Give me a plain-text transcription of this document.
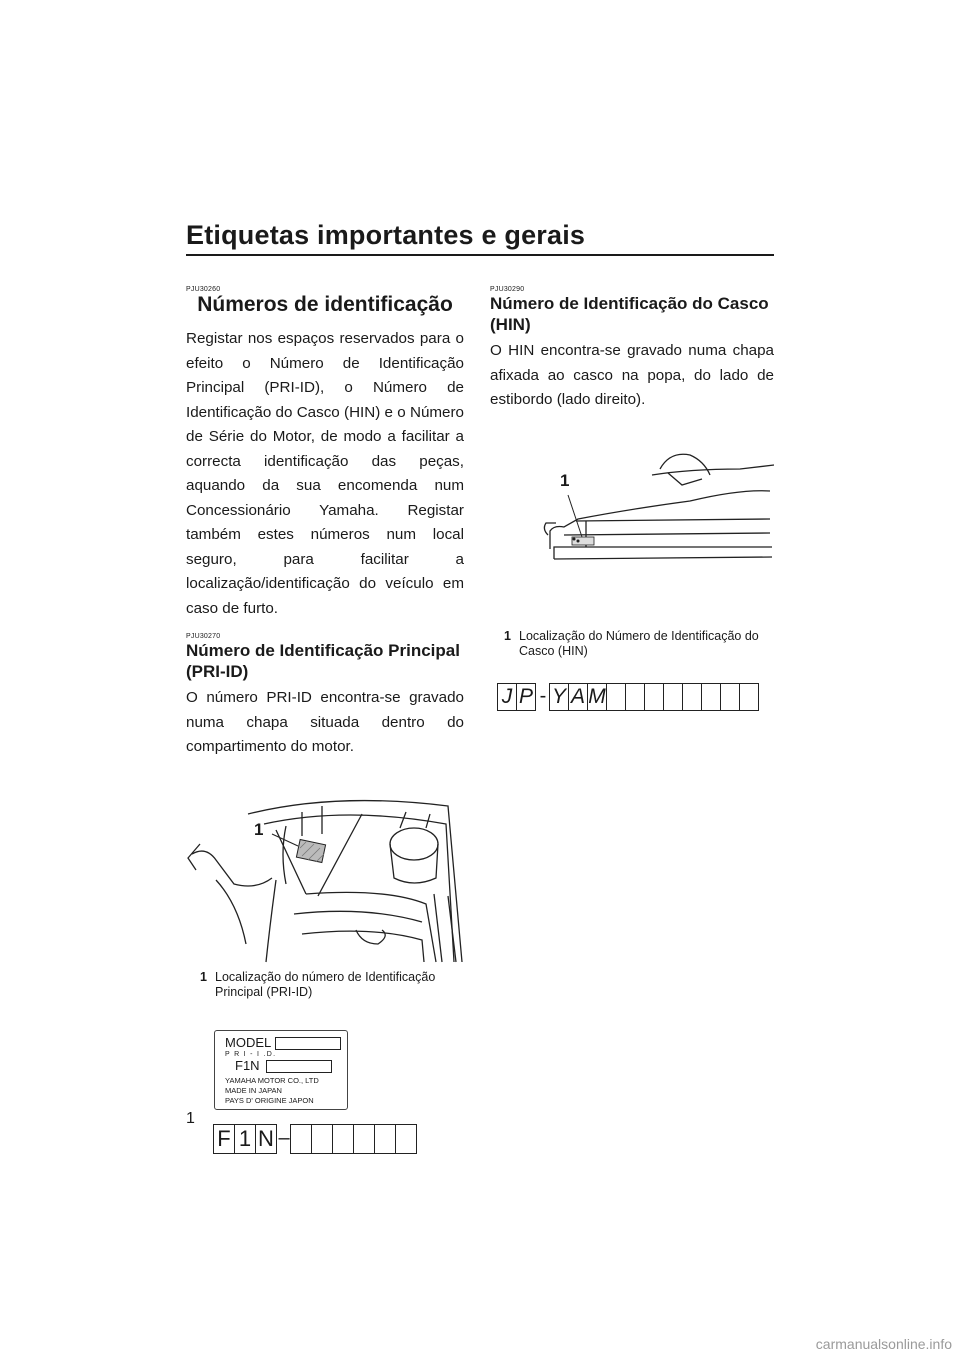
Etiquetas importantes e gerais
PJU30260
Números de identificação

Registar nos espaços reservados para o efeito o Número de Identificação Principal (PRI-ID), o Número de Identificação do Casco (HIN) e o Número de Série do Motor, de modo a facilitar a correcta identificação das peças, aquando da sua encomenda num Concessionário Yamaha. Registar também estes números num local seguro, para facilitar a localização/identificação do veículo em caso de furto.

PJU30270
Número de Identificação Principal (PRI-ID)

O número PRI-ID encontra-se gravado numa chapa situada dentro do compartimento do motor.

1
1 Localização do número de Identificação Principal (PRI-ID)
MODEL
P R I - I .D.
F1N
YAMAHA MOTOR CO., LTD
MADE IN JAPAN
PAYS D' ORIGINE JAPON
F 1 N –
PJU30290
Número de Identificação do Casco (HIN)

O HIN encontra-se gravado numa chapa afixada ao casco na popa, do lado de estibordo (lado direito).

1
1 Localização do Número de Identificação do Casco (HIN)
J P - Y A M
1
carmanualsonline.info
